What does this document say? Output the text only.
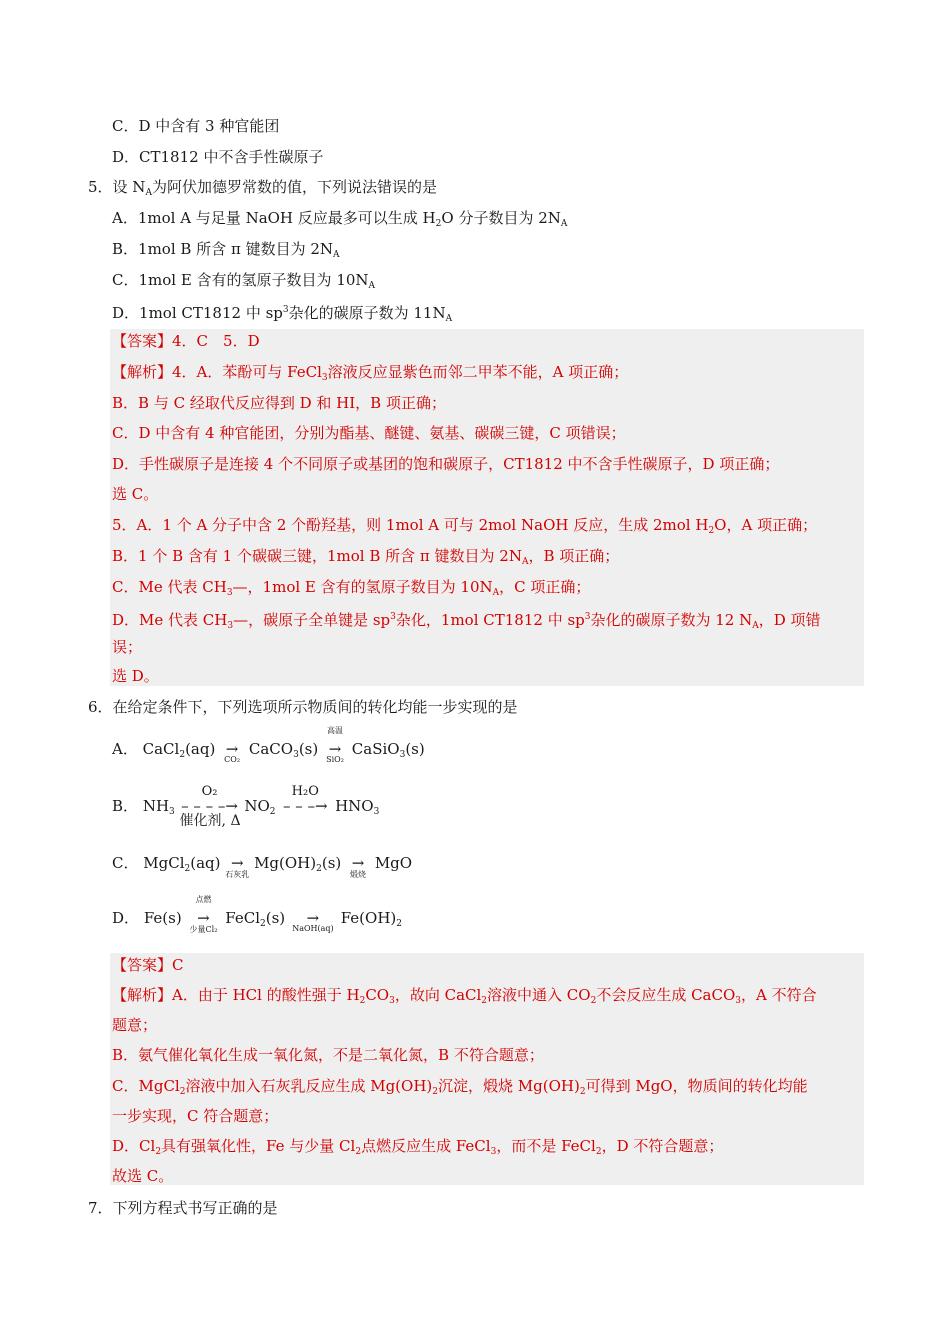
C．D 中含有 3 种官能团
D．CT1812 中不含手性碳原子
5．设 $N_A$为阿伏加德罗常数的值，下列说法错误的是
A．1mol A 与足量 NaOH 反应最多可以生成 $H_2O$ 分子数目为 $2N_A$
B．1mol B 所含 π 键数目为 $2N_A$
C．1mol E 含有的氢原子数目为 $10N_A$
D．1mol CT1812 中 $sp^3$杂化的碳原子数为 $11N_A$
【答案】4．C　5．D
【解析】4．A．苯酚可与 FeCl$_3$溶液反应显紫色而邻二甲苯不能，A 项正确；
B．B 与 C 经取代反应得到 D 和 HI，B 项正确；
C．D 中含有 4 种官能团，分别为酯基、醚键、氨基、碳碳三键，C 项错误；
D．手性碳原子是连接 4 个不同原子或基团的饱和碳原子，CT1812 中不含手性碳原子，D 项正确；
选 C。
5．A．1 个 A 分子中含 2 个酚羟基，则 1mol A 可与 2mol NaOH 反应，生成 2mol $H_2O$，A 项正确；
B．1 个 B 含有 1 个碳碳三键，1mol B 所含 π 键数目为 $2N_A$，B 项正确；
C．Me 代表 $CH_3—$，1mol E 含有的氢原子数目为 $10N_A$，C 项正确；
D．Me 代表 $CH_3—$，碳原子全单键是 $sp^3$杂化，1mol CT1812 中 $sp^3$杂化的碳原子数为 12 $N_A$，D 项错
误；
选 D。
6．在给定条件下，下列选项所示物质间的转化均能一步实现的是
A． CaCl$_2$(aq) →
CO₂
CaCO$_3$(s)
高温
→
SiO₂
CaSiO$_3$(s)
B． $NH_3$
O₂
– – – –→
催化剂, Δ
$NO_2$
H₂O
– – –→ $HNO_3$
C． MgCl$_2$(aq) →
石灰乳
$Mg(OH)_2(s)$ →
煅烧
MgO
D． Fe(s)
点燃
→
少量Cl₂
FeCl$_2$(s) →
NaOH(aq)
$Fe(OH)_2$
【答案】C
【解析】A．由于 HCl 的酸性强于 $H_2CO_3$，故向 CaCl$_2$溶液中通入 $CO_2$不会反应生成 CaCO$_3$，A 不符合
题意；
B．氨气催化氧化生成一氧化氮，不是二氧化氮，B 不符合题意；
C．MgCl$_2$溶液中加入石灰乳反应生成 $Mg(OH)_2$沉淀，煅烧 $Mg(OH)_2$可得到 MgO，物质间的转化均能
一步实现，C 符合题意；
D．$Cl_2$具有强氧化性，Fe 与少量 $Cl_2$点燃反应生成 FeCl$_3$，而不是 FeCl$_2$，D 不符合题意；
故选 C。
7．下列方程式书写正确的是
